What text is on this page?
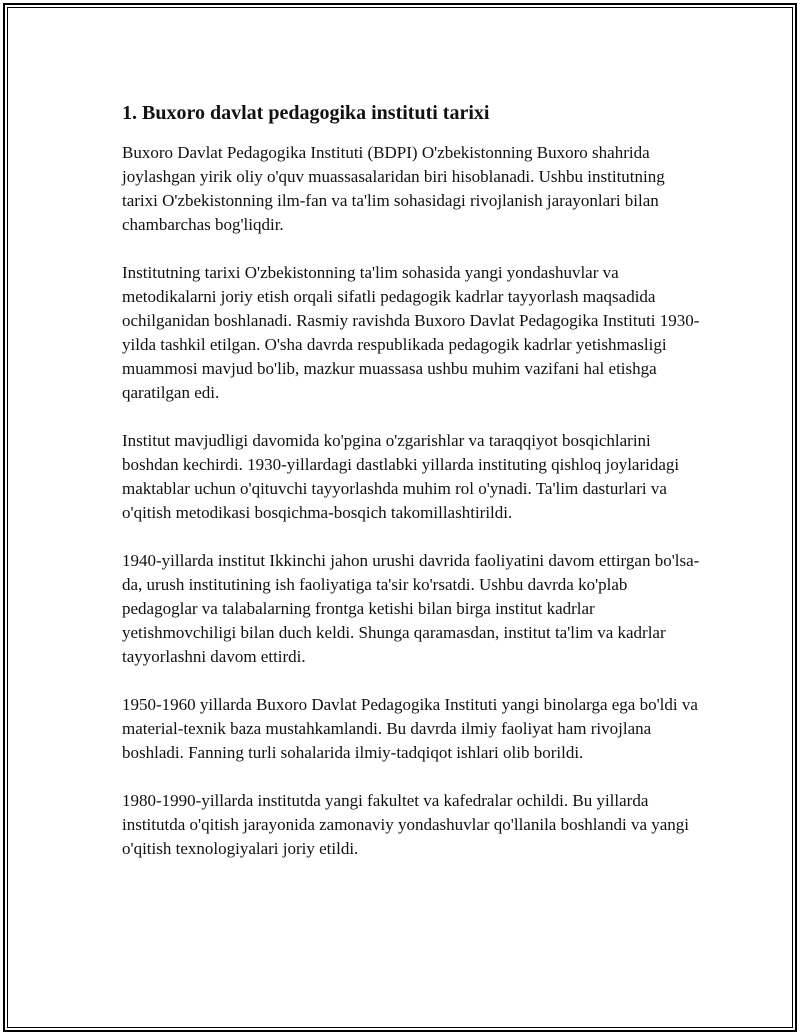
1. Buxoro davlat pedagogika instituti tarixi

Buxoro Davlat Pedagogika Instituti (BDPI) O'zbekistonning Buxoro shahrida joylashgan yirik oliy o'quv muassasalaridan biri hisoblanadi. Ushbu institutning tarixi O'zbekistonning ilm-fan va ta'lim sohasidagi rivojlanish jarayonlari bilan chambarchas bog'liqdir.

Institutning tarixi O'zbekistonning ta'lim sohasida yangi yondashuvlar va metodikalarni joriy etish orqali sifatli pedagogik kadrlar tayyorlash maqsadida ochilganidan boshlanadi. Rasmiy ravishda Buxoro Davlat Pedagogika Instituti 1930-yilda tashkil etilgan. O'sha davrda respublikada pedagogik kadrlar yetishmasligi muammosi mavjud bo'lib, mazkur muassasa ushbu muhim vazifani hal etishga qaratilgan edi.

Institut mavjudligi davomida ko'pgina o'zgarishlar va taraqqiyot bosqichlarini boshdan kechirdi. 1930-yillardagi dastlabki yillarda instituting qishloq joylaridagi maktablar uchun o'qituvchi tayyorlashda muhim rol o'ynadi. Ta'lim dasturlari va o'qitish metodikasi bosqichma-bosqich takomillashtirildi.

1940-yillarda institut Ikkinchi jahon urushi davrida faoliyatini davom ettirgan bo'lsa-da, urush institutining ish faoliyatiga ta'sir ko'rsatdi. Ushbu davrda ko'plab pedagoglar va talabalarning frontga ketishi bilan birga institut kadrlar yetishmovchiligi bilan duch keldi. Shunga qaramasdan, institut ta'lim va kadrlar tayyorlashni davom ettirdi.

1950-1960 yillarda Buxoro Davlat Pedagogika Instituti yangi binolarga ega bo'ldi va material-texnik baza mustahkamlandi. Bu davrda ilmiy faoliyat ham rivojlana boshladi. Fanning turli sohalarida ilmiy-tadqiqot ishlari olib borildi.

1980-1990-yillarda institutda yangi fakultet va kafedralar ochildi. Bu yillarda institutda o'qitish jarayonida zamonaviy yondashuvlar qo'llanila boshlandi va yangi o'qitish texnologiyalari joriy etildi.
